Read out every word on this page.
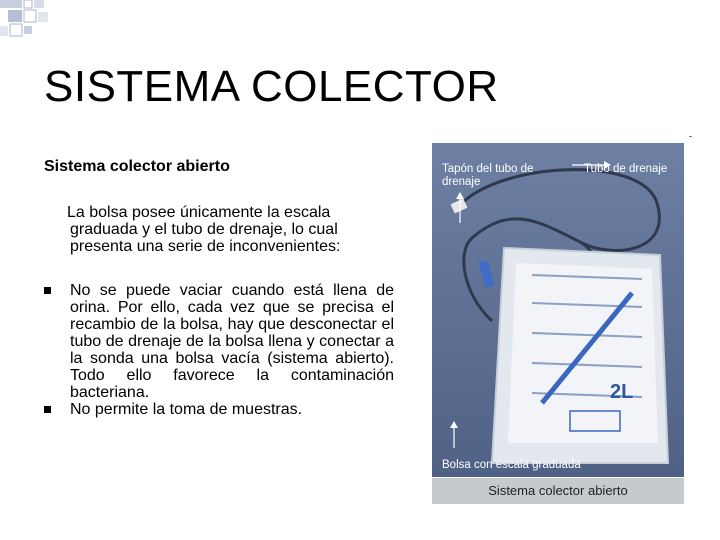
SISTEMA COLECTOR
Sistema colector abierto
La bolsa posee únicamente la escala graduada y el tubo de drenaje, lo cual presenta una serie de inconvenientes:
No se puede vaciar cuando está llena de orina. Por ello, cada vez que se precisa el recambio de la bolsa, hay que desconectar el tubo de drenaje de la bolsa llena y conectar a la sonda una bolsa vacía (sistema abierto). Todo ello favorece la contaminación bacteriana.
No permite la toma de muestras.
Tapón del tubo de drenaje
Tubo de drenaje
Bolsa con escala graduada
2L
Sistema colector abierto
